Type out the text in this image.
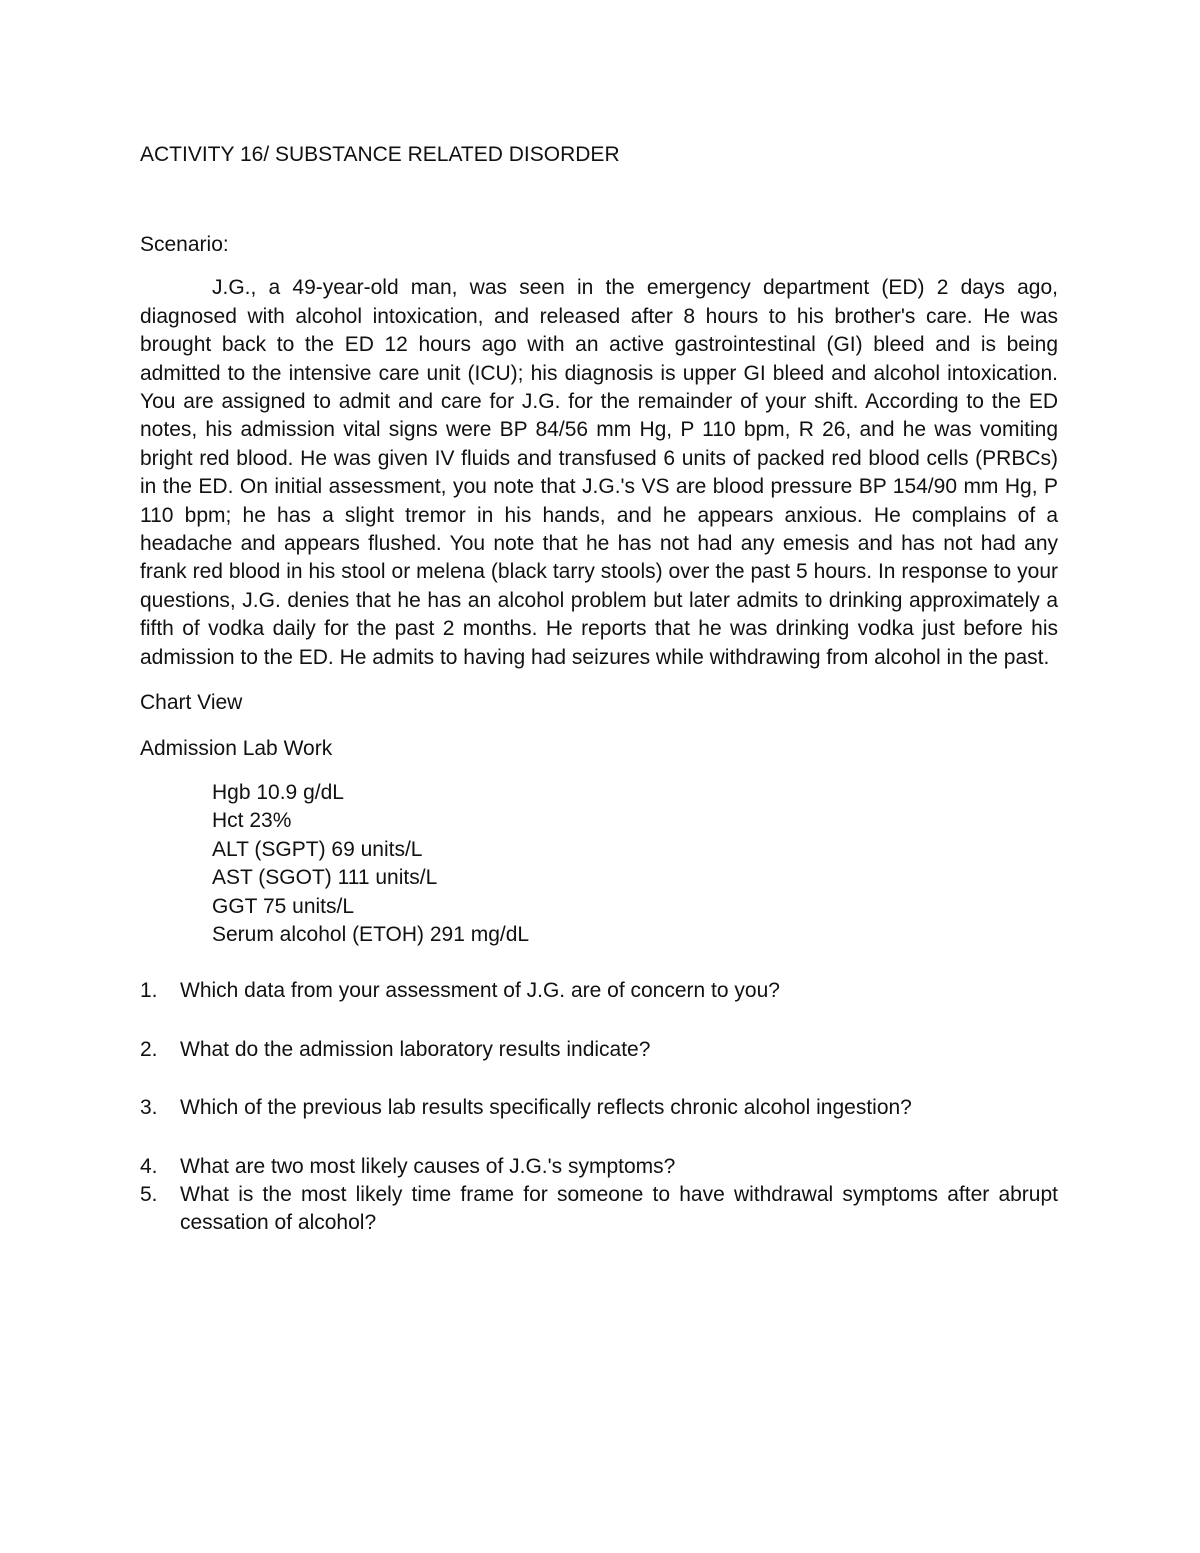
ACTIVITY 16/ SUBSTANCE RELATED DISORDER

Scenario:

J.G., a 49-year-old man, was seen in the emergency department (ED) 2 days ago, diagnosed with alcohol intoxication, and released after 8 hours to his brother's care. He was brought back to the ED 12 hours ago with an active gastrointestinal (GI) bleed and is being admitted to the intensive care unit (ICU); his diagnosis is upper GI bleed and alcohol intoxication. You are assigned to admit and care for J.G. for the remainder of your shift. According to the ED notes, his admission vital signs were BP 84/56 mm Hg, P 110 bpm, R 26, and he was vomiting bright red blood. He was given IV fluids and transfused 6 units of packed red blood cells (PRBCs) in the ED. On initial assessment, you note that J.G.'s VS are blood pressure BP 154/90 mm Hg, P 110 bpm; he has a slight tremor in his hands, and he appears anxious. He complains of a headache and appears flushed. You note that he has not had any emesis and has not had any frank red blood in his stool or melena (black tarry stools) over the past 5 hours. In response to your questions, J.G. denies that he has an alcohol problem but later admits to drinking approximately a fifth of vodka daily for the past 2 months. He reports that he was drinking vodka just before his admission to the ED. He admits to having had seizures while withdrawing from alcohol in the past.

Chart View

Admission Lab Work

Hgb 10.9 g/dL
Hct 23%
ALT (SGPT) 69 units/L
AST (SGOT) 111 units/L
GGT 75 units/L
Serum alcohol (ETOH) 291 mg/dL
1. Which data from your assessment of J.G. are of concern to you?
2. What do the admission laboratory results indicate?
3. Which of the previous lab results specifically reflects chronic alcohol ingestion?
4. What are two most likely causes of J.G.'s symptoms?
5. What is the most likely time frame for someone to have withdrawal symptoms after abrupt cessation of alcohol?
